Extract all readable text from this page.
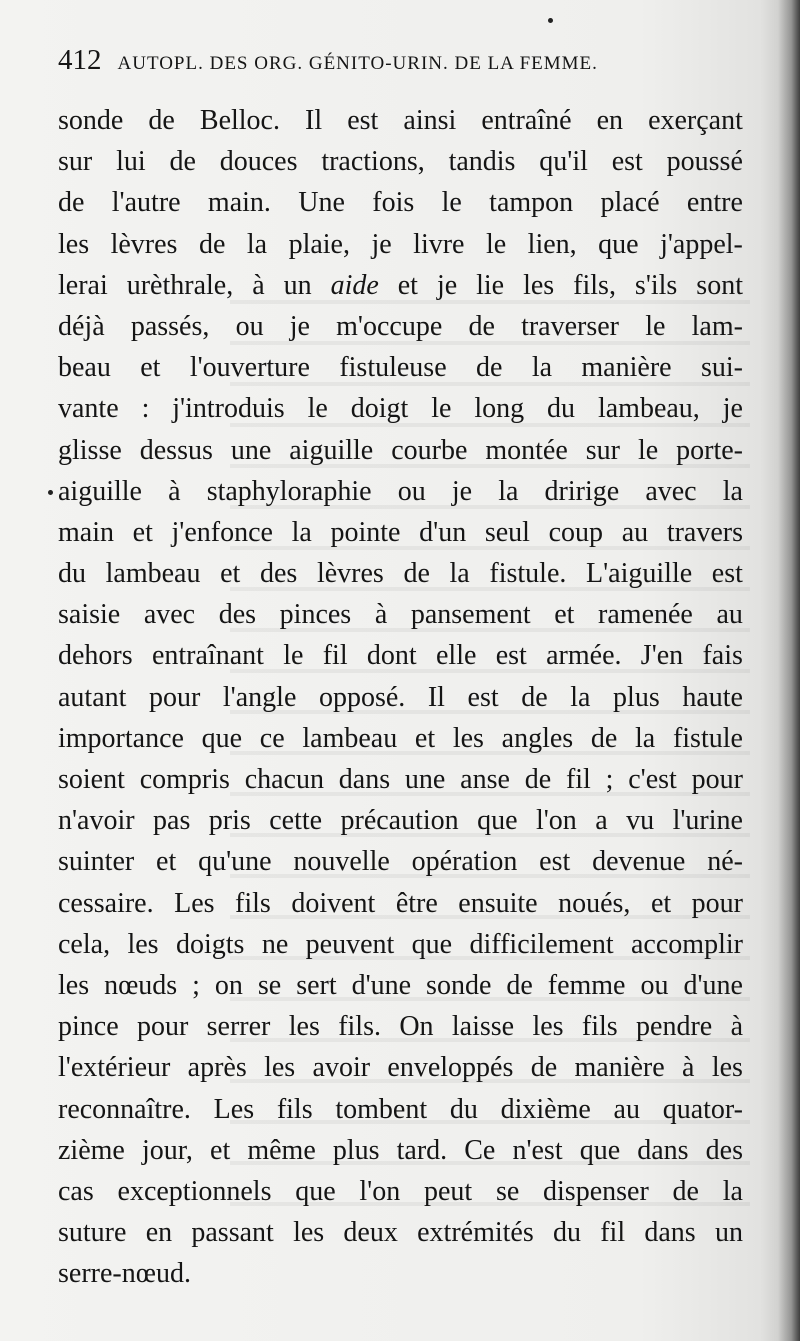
412 AUTOPL. DES ORG. GÉNITO-URIN. DE LA FEMME.
sonde de Belloc. Il est ainsi entraîné en exerçant
sur lui de douces tractions, tandis qu'il est poussé
de l'autre main. Une fois le tampon placé entre
les lèvres de la plaie, je livre le lien, que j'appel-
lerai urèthrale, à un aide et je lie les fils, s'ils sont
déjà passés, ou je m'occupe de traverser le lam-
beau et l'ouverture fistuleuse de la manière sui-
vante : j'introduis le doigt le long du lambeau, je
glisse dessus une aiguille courbe montée sur le porte-
aiguille à staphyloraphie ou je la dririge avec la
main et j'enfonce la pointe d'un seul coup au travers
du lambeau et des lèvres de la fistule. L'aiguille est
saisie avec des pinces à pansement et ramenée au
dehors entraînant le fil dont elle est armée. J'en fais
autant pour l'angle opposé. Il est de la plus haute
importance que ce lambeau et les angles de la fistule
soient compris chacun dans une anse de fil ; c'est pour
n'avoir pas pris cette précaution que l'on a vu l'urine
suinter et qu'une nouvelle opération est devenue né-
cessaire. Les fils doivent être ensuite noués, et pour
cela, les doigts ne peuvent que difficilement accomplir
les nœuds ; on se sert d'une sonde de femme ou d'une
pince pour serrer les fils. On laisse les fils pendre à
l'extérieur après les avoir enveloppés de manière à les
reconnaître. Les fils tombent du dixième au quator-
zième jour, et même plus tard. Ce n'est que dans des
cas exceptionnels que l'on peut se dispenser de la
suture en passant les deux extrémités du fil dans un
serre-nœud.
